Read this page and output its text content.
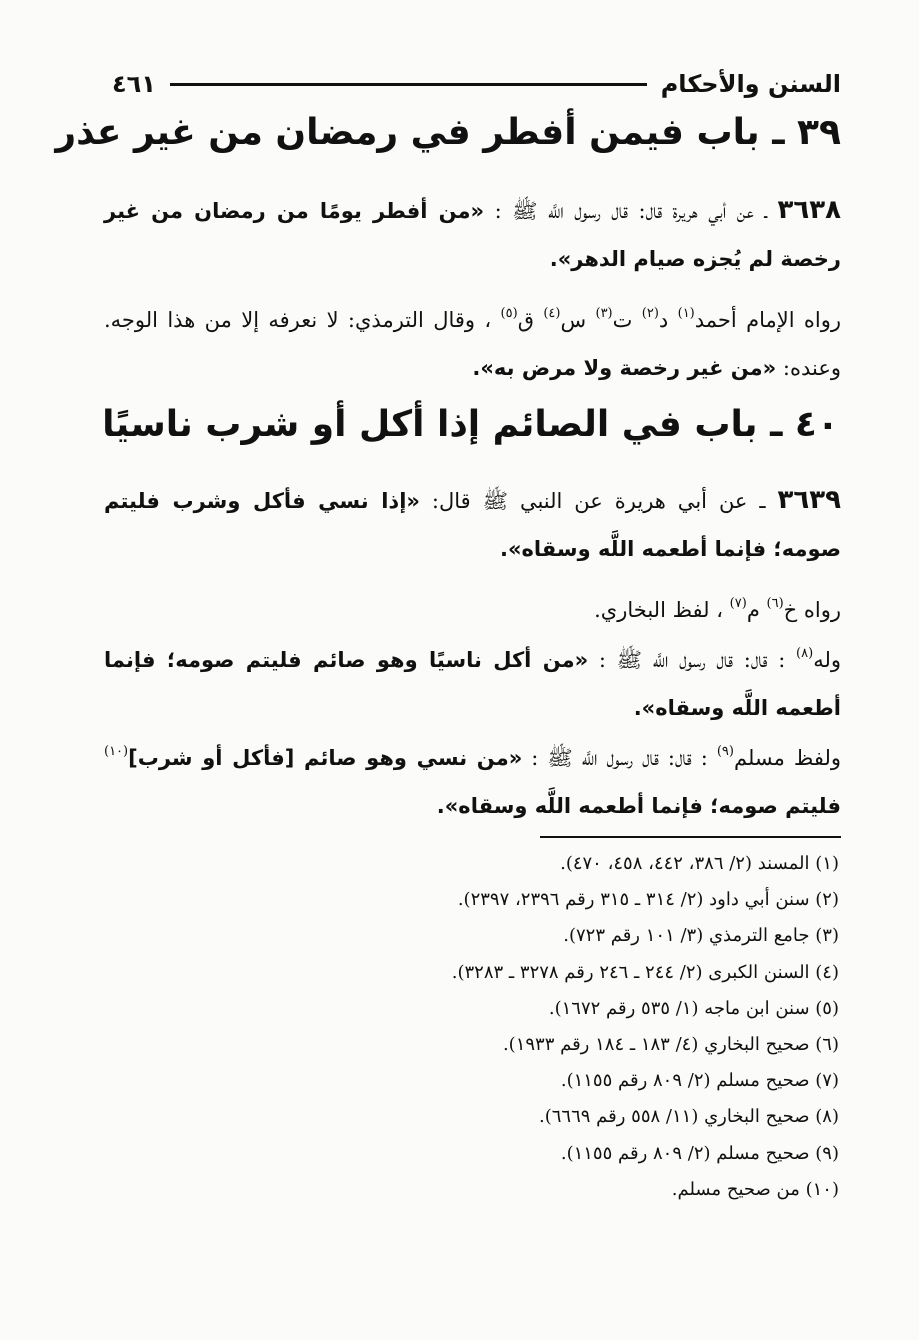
السنن والأحكام
٤٦١
٣٩ ـ باب فيمن أفطر في رمضان من غير عذر

٣٦٣٨ ـ عن أبي هريرة قال: قال رسول اللَّه ﷺ : «من أفطر يومًا من رمضان من غير رخصة لم يُجزه صيام الدهر».

رواه الإمام أحمد$^{(١)}$ د$^{(٢)}$ ت$^{(٣)}$ س$^{(٤)}$ ق$^{(٥)}$ ، وقال الترمذي: لا نعرفه إلا من هذا الوجه. وعنده: «من غير رخصة ولا مرض به».

٤٠ ـ باب في الصائم إذا أكل أو شرب ناسيًا

٣٦٣٩ ـ عن أبي هريرة عن النبي ﷺ قال: «إذا نسي فأكل وشرب فليتم صومه؛ فإنما أطعمه اللَّه وسقاه».

رواه خ$^{(٦)}$ م$^{(٧)}$ ، لفظ البخاري.

وله$^{(٨)}$ : قال: قال رسول اللَّه ﷺ : «من أكل ناسيًا وهو صائم فليتم صومه؛ فإنما أطعمه اللَّه وسقاه».

ولفظ مسلم$^{(٩)}$ : قال: قال رسول اللَّه ﷺ : «من نسي وهو صائم [فأكل أو شرب]$^{(١٠)}$ فليتم صومه؛ فإنما أطعمه اللَّه وسقاه».

(١) المسند (٢/ ٣٨٦، ٤٤٢، ٤٥٨، ٤٧٠).
(٢) سنن أبي داود (٢/ ٣١٤ ـ ٣١٥ رقم ٢٣٩٦، ٢٣٩٧).
(٣) جامع الترمذي (٣/ ١٠١ رقم ٧٢٣).
(٤) السنن الكبرى (٢/ ٢٤٤ ـ ٢٤٦ رقم ٣٢٧٨ ـ ٣٢٨٣).
(٥) سنن ابن ماجه (١/ ٥٣٥ رقم ١٦٧٢).
(٦) صحيح البخاري (٤/ ١٨٣ ـ ١٨٤ رقم ١٩٣٣).
(٧) صحيح مسلم (٢/ ٨٠٩ رقم ١١٥٥).
(٨) صحيح البخاري (١١/ ٥٥٨ رقم ٦٦٦٩).
(٩) صحيح مسلم (٢/ ٨٠٩ رقم ١١٥٥).
(١٠) من صحيح مسلم.
